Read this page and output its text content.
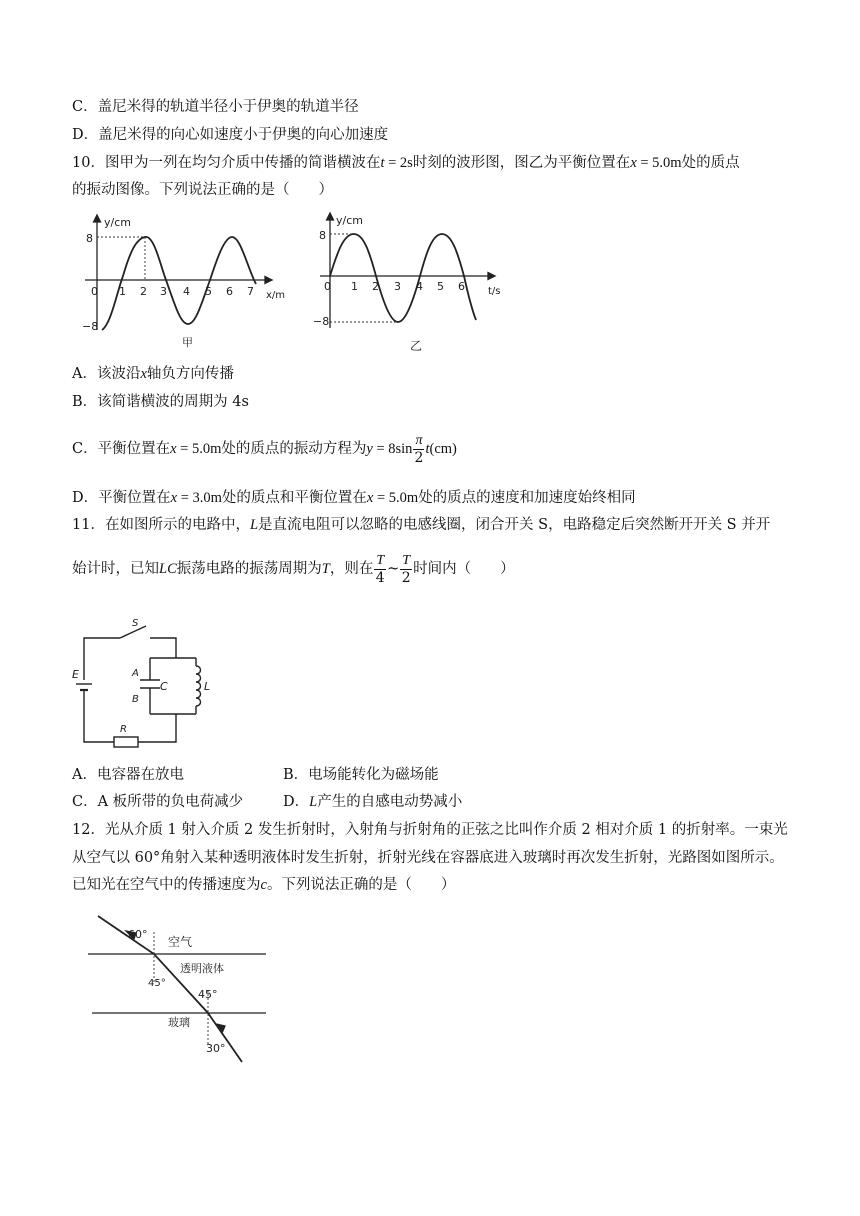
C．盖尼米得的轨道半径小于伊奥的轨道半径
D．盖尼米得的向心如速度小于伊奥的向心加速度
10．图甲为一列在均匀介质中传播的简谐横波在t = 2s时刻的波形图，图乙为平衡位置在x = 5.0m处的质点
的振动图像。下列说法正确的是（　　）
y/cm
8
−8
0 1 2 3 4 5 6 7 x/m
甲
y/cm
8
−8
0 1 2 3 4 5 6 t/s
乙
A．该波沿x轴负方向传播
B．该简谐横波的周期为 4s
C．平衡位置在x = 5.0m处的质点的振动方程为$y = 8\sin \frac{\pi}{2} t(cm)$
D．平衡位置在x = 3.0m处的质点和平衡位置在x = 5.0m处的质点的速度和加速度始终相同
11．在如图所示的电路中，L是直流电阻可以忽略的电感线圈，闭合开关 S，电路稳定后突然断开开关 S 并开
始计时，已知LC振荡电路的振荡周期为T，则在 $\frac{T}{4}$ ~ $\frac{T}{2}$ 时间内（　　）
S
E	A
C
B
L
R
A．电容器在放电	B．电场能转化为磁场能
C．A 板所带的负电荷减少	D．L产生的自感电动势减小
12．光从介质 1 射入介质 2 发生折射时，入射角与折射角的正弦之比叫作介质 2 相对介质 1 的折射率。一束光
从空气以 60°角射入某种透明液体时发生折射，折射光线在容器底进入玻璃时再次发生折射，光路图如图所示。
已知光在空气中的传播速度为c。下列说法正确的是（　　）
60°
空气
透明液体
45°
45°
玻璃
30°
